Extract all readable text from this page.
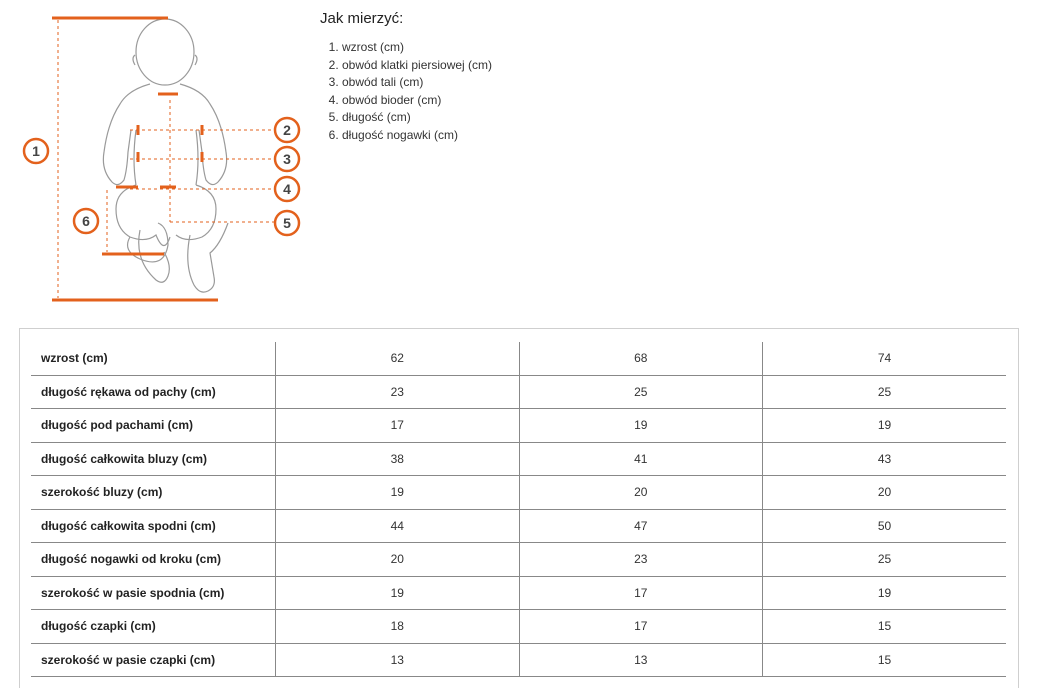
1
2
3
4
5
6
Jak mierzyć:
1. wzrost (cm)
2. obwód klatki piersiowej (cm)
3. obwód tali (cm)
4. obwód bioder (cm)
5. długość (cm)
6. długość nogawki (cm)
wzrost (cm)	62	68	74
długość rękawa od pachy (cm)	23	25	25
długość pod pachami (cm)	17	19	19
długość całkowita bluzy (cm)	38	41	43
szerokość bluzy (cm)	19	20	20
długość całkowita spodni (cm)	44	47	50
długość nogawki od kroku (cm)	20	23	25
szerokość w pasie spodnia (cm)	19	17	19
długość czapki (cm)	18	17	15
szerokość w pasie czapki (cm)	13	13	15
